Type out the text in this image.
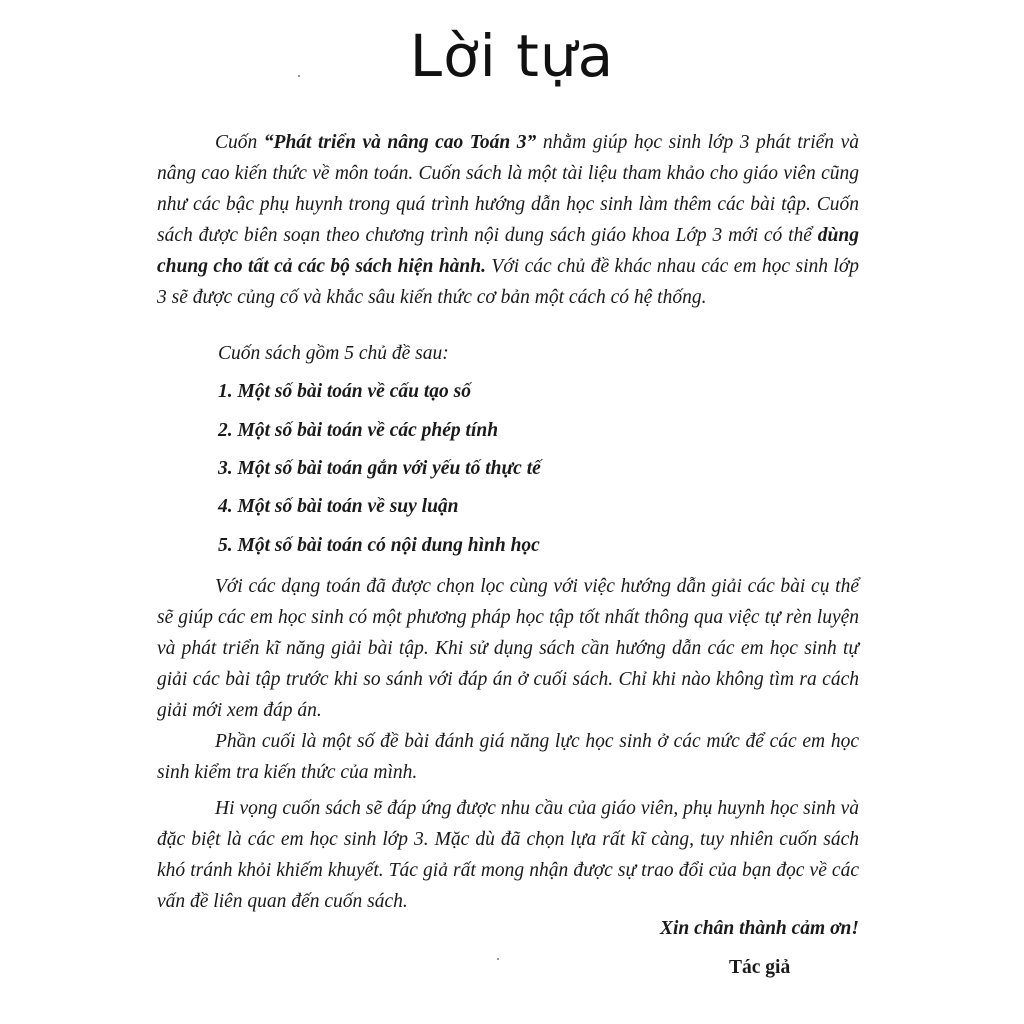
Lời tựa

Cuốn “Phát triển và nâng cao Toán 3” nhằm giúp học sinh lớp 3 phát triển và nâng cao kiến thức về môn toán. Cuốn sách là một tài liệu tham khảo cho giáo viên cũng như các bậc phụ huynh trong quá trình hướng dẫn học sinh làm thêm các bài tập. Cuốn sách được biên soạn theo chương trình nội dung sách giáo khoa Lớp 3 mới có thể dùng chung cho tất cả các bộ sách hiện hành. Với các chủ đề khác nhau các em học sinh lớp 3 sẽ được củng cố và khắc sâu kiến thức cơ bản một cách có hệ thống.

Cuốn sách gồm 5 chủ đề sau:

1. Một số bài toán về cấu tạo số

2. Một số bài toán về các phép tính

3. Một số bài toán gắn với yếu tố thực tế

4. Một số bài toán về suy luận

5. Một số bài toán có nội dung hình học

Với các dạng toán đã được chọn lọc cùng với việc hướng dẫn giải các bài cụ thể sẽ giúp các em học sinh có một phương pháp học tập tốt nhất thông qua việc tự rèn luyện và phát triển kĩ năng giải bài tập. Khi sử dụng sách cần hướng dẫn các em học sinh tự giải các bài tập trước khi so sánh với đáp án ở cuối sách. Chỉ khi nào không tìm ra cách giải mới xem đáp án.

Phần cuối là một số đề bài đánh giá năng lực học sinh ở các mức để các em học sinh kiểm tra kiến thức của mình.

Hi vọng cuốn sách sẽ đáp ứng được nhu cầu của giáo viên, phụ huynh học sinh và đặc biệt là các em học sinh lớp 3. Mặc dù đã chọn lựa rất kĩ càng, tuy nhiên cuốn sách khó tránh khỏi khiếm khuyết. Tác giả rất mong nhận được sự trao đổi của bạn đọc về các vấn đề liên quan đến cuốn sách.

Xin chân thành cảm ơn!

Tác giả
